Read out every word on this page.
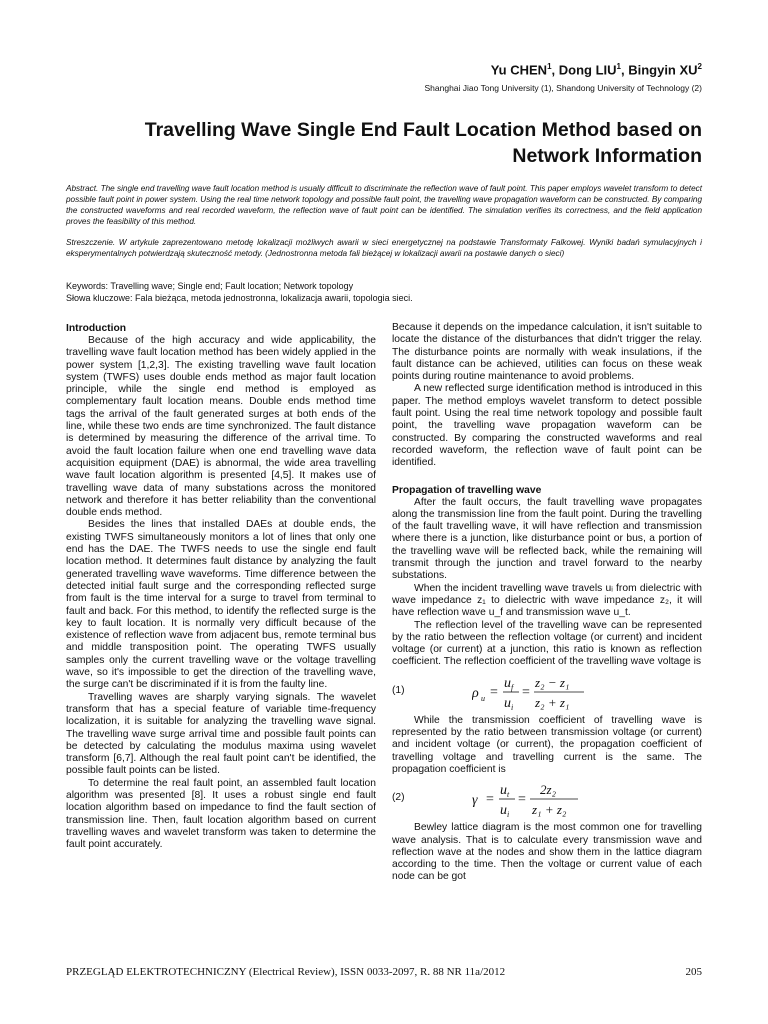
Yu CHEN$^1$, Dong LIU$^1$, Bingyin $XU^2$
Shanghai Jiao Tong University (1), Shandong University of Technology (2)
Travelling Wave Single End Fault Location Method based on
Network Information
Abstract. The single end travelling wave fault location method is usually difficult to discriminate the reflection wave of fault point. This paper employs wavelet transform to detect possible fault point in power system. Using the real time network topology and possible fault point, the travelling wave propagation waveform can be constructed. By comparing the constructed waveforms and real recorded waveform, the reflection wave of fault point can be identified. The simulation verifies its correctness, and the field application proves the feasibility of this method.
Streszczenie. W artykule zaprezentowano metodę lokalizacji możliwych awarii w sieci energetycznej na podstawie Transformaty Falkowej. Wyniki badań symulacyjnych i eksperymentalnych potwierdzają skuteczność metody. (Jednostronna metoda fali bieżącej w lokalizacji awarii na postawie danych o sieci)
Keywords: Travelling wave; Single end; Fault location; Network topology
Słowa kluczowe: Fala bieżąca, metoda jednostronna, lokalizacja awarii, topologia sieci.
Introduction

Because of the high accuracy and wide applicability, the travelling wave fault location method has been widely applied in the power system [1,2,3]. The existing travelling wave fault location system (TWFS) uses double ends method as major fault location principle, while the single end method is employed as complementary fault location means. Double ends method time tags the arrival of the fault generated surges at both ends of the line, while these two ends are time synchronized. The fault distance is determined by measuring the difference of the arrival time. To avoid the fault location failure when one end travelling wave data acquisition equipment (DAE) is abnormal, the wide area travelling wave fault location algorithm is presented [4,5]. It makes use of travelling wave data of many substations across the monitored network and therefore it has better reliability than the conventional double ends method.

Besides the lines that installed DAEs at double ends, the existing TWFS simultaneously monitors a lot of lines that only one end has the DAE. The TWFS needs to use the single end fault location method. It determines fault distance by analyzing the fault generated travelling wave waveforms. Time difference between the detected initial fault surge and the corresponding reflected surge from fault is the time interval for a surge to travel from terminal to fault and back. For this method, to identify the reflected surge is the key to fault location. It is normally very difficult because of the existence of reflection wave from adjacent bus, remote terminal bus and middle transposition point. The operating TWFS usually samples only the current travelling wave or the voltage travelling wave, so it's impossible to get the direction of the travelling wave, the surge can't be discriminated if it is from the faulty line.

Travelling waves are sharply varying signals. The wavelet transform that has a special feature of variable time-frequency localization, it is suitable for analyzing the travelling wave signal. The travelling wave surge arrival time and possible fault points can be detected by calculating the modulus maxima using wavelet transform [6,7]. Although the real fault point can't be identified, the possible fault points can be listed.

To determine the real fault point, an assembled fault location algorithm was presented [8]. It uses a robust single end fault location algorithm based on impedance to find the fault section of transmission line. Then, fault location algorithm based on current travelling waves and wavelet transform was taken to determine the fault point accurately.

Because it depends on the impedance calculation, it isn't suitable to locate the distance of the disturbances that didn't trigger the relay. The disturbance points are normally with weak insulations, if the fault distance can be achieved, utilities can focus on these weak points during routine maintenance to avoid problems.

A new reflected surge identification method is introduced in this paper. The method employs wavelet transform to detect possible fault point. Using the real time network topology and possible fault point, the travelling wave propagation waveform can be constructed. By comparing the constructed waveforms and real recorded waveform, the reflection wave of fault point can be identified.

Propagation of travelling wave

After the fault occurs, the fault travelling wave propagates along the transmission line from the fault point. During the travelling of the fault travelling wave, it will have reflection and transmission where there is a junction, like disturbance point or bus, a portion of the travelling wave will be reflected back, while the remaining will transmit through the junction and travel forward to the nearby substations.

When the incident travelling wave travels uᵢ from dielectric with wave impedance z₁ to dielectric with wave impedance z₂, it will have reflection wave u_f and transmission wave u_t.

The reflection level of the travelling wave can be represented by the ratio between the reflection voltage (or current) and incident voltage (or current) at a junction, this ratio is known as reflection coefficient. The reflection coefficient of the travelling wave voltage is

(1)	ρ u =
u f
u i
=
z₂ − z₁
z₂ + z₁

While the transmission coefficient of travelling wave is represented by the ratio between transmission voltage (or current) and incident voltage (or current), the propagation coefficient of travelling voltage and travelling current is the same. The propagation coefficient is

(2)	γ =
u t
u i
=
2z₂
z₁ + z₂

Bewley lattice diagram is the most common one for travelling wave analysis. That is to calculate every transmission wave and reflection wave at the nodes and show them in the lattice diagram according to the time. Then the voltage or current value of each node can be got

PRZEGLĄD ELEKTROTECHNICZNY (Electrical Review), ISSN 0033-2097, R. 88 NR 11a/2012	205
